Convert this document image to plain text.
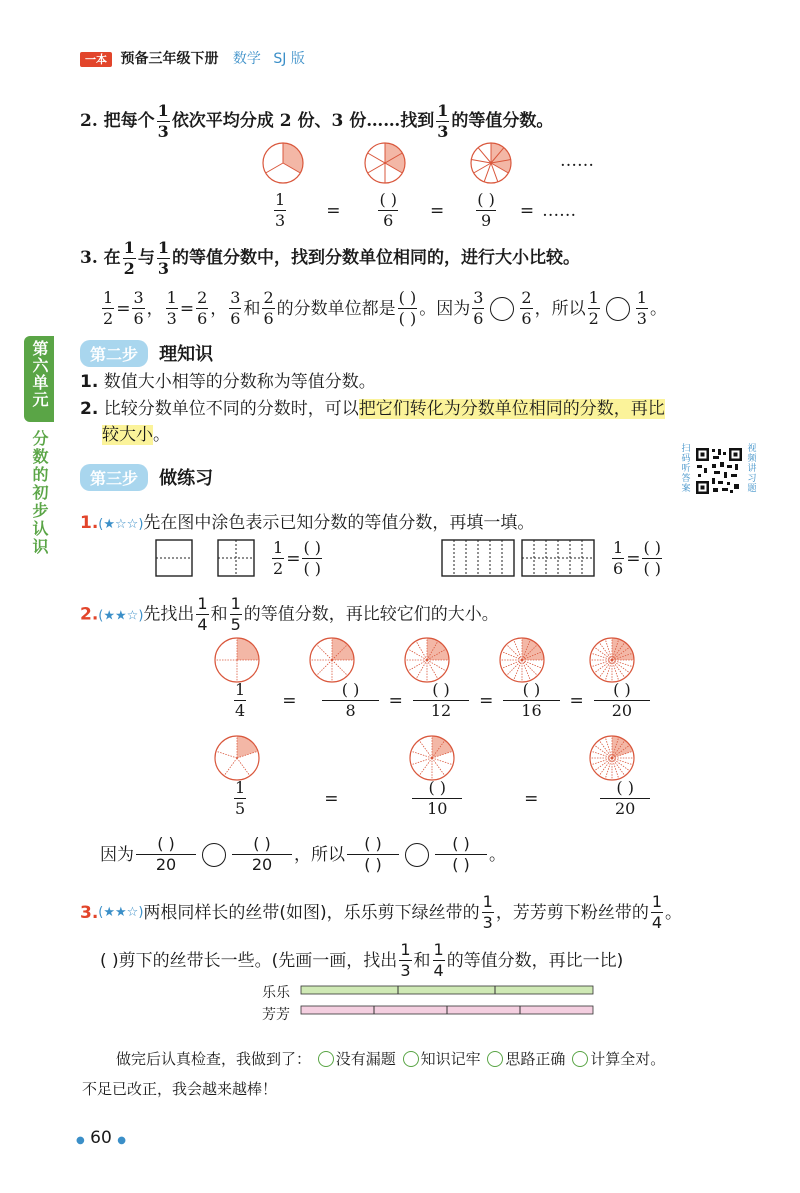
一本 预备三年级下册 数学 SJ 版
第六单元
分数的初步认识
2. 把每个 $\frac{1}{3}$ 依次平均分成 2 份、3 份……找到 $\frac{1}{3}$ 的等值分数。
……
$\frac{1}{3} = \frac{( )}{6} = \frac{( )}{9}$ = ……
3. 在 $\frac{1}{2}$ 与 $\frac{1}{3}$ 的等值分数中，找到分数单位相同的，进行大小比较。
$\frac{1}{2} = \frac{3}{6}$ ， $\frac{1}{3} = \frac{2}{6}$ ， $\frac{3}{6}$ 和 $\frac{2}{6}$ 的分数单位都是 $\frac{( )}{( )}$ 。因为 $\frac{3}{6} \frac{2}{6}$ ，所以 $\frac{1}{2} \frac{1}{3}$ 。
第二步 理知识
1. 数值大小相等的分数称为等值分数。
2. 比较分数单位不同的分数时，可以把它们转化为分数单位相同的分数，再比
较大小。
第三步 做练习
扫
码
听
答
案
视
频
讲
习
题
1.(★☆☆)先在图中涂色表示已知分数的等值分数，再填一填。
$\frac{1}{2} = \frac{( )}{( )}$	$\frac{1}{6} = \frac{( )}{( )}$
2.(★★☆)先找出 $\frac{1}{4}$ 和 $\frac{1}{5}$ 的等值分数，再比较它们的大小。
$\frac{1}{4} = \frac{( )}{8} = \frac{( )}{12} = \frac{( )}{16} = \frac{( )}{20}$
$\frac{1}{5}$	=	$\frac{( )}{10}$	=	$\frac{( )}{20}$
因为 $\frac{( )}{20} \frac{( )}{20}$ ，所以 $\frac{( )}{( )} \frac{( )}{( )}$ 。
3. (★★☆) 两根同样长的丝带(如图)，乐乐剪下绿丝带的 $\frac{1}{3}$ ，芳芳剪下粉丝带的 $\frac{1}{4}$ 。
( )剪下的丝带长一些。(先画一画，找出 $\frac{1}{3}$ 和 $\frac{1}{4}$ 的等值分数，再比一比)
乐乐
芳芳
做完后认真检查，我做到了： 没有漏题 知识记牢 思路正确 计算全对。
不足已改正，我会越来越棒！
● 60 ●
